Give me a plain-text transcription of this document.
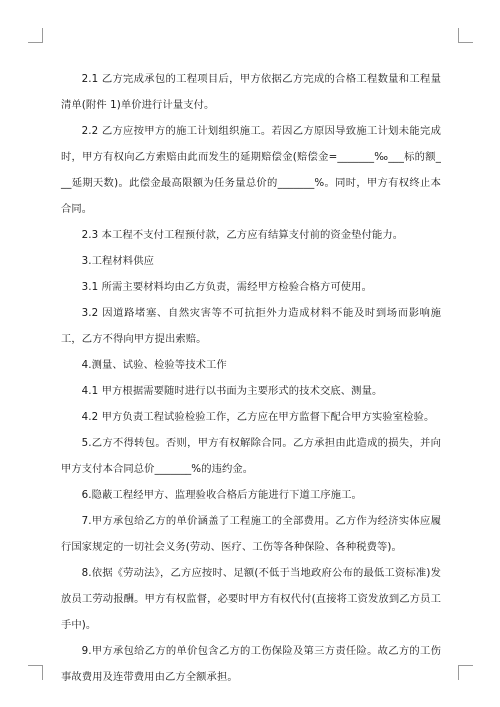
2.1 乙方完成承包的工程项目后，甲方依据乙方完成的合格工程数量和工程量清单(附件 1)单价进行计量支付。

2.2 乙方应按甲方的施工计划组织施工。若因乙方原因导致施工计划未能完成时，甲方有权向乙方索赔由此而发生的延期赔偿金(赔偿金=_______‰___标的额___延期天数)。此偿金最高限额为任务量总价的_______%。同时，甲方有权终止本合同。

2.3 本工程不支付工程预付款，乙方应有结算支付前的资金垫付能力。

3.工程材料供应

3.1 所需主要材料均由乙方负责，需经甲方检验合格方可使用。

3.2 因道路堵塞、自然灾害等不可抗拒外力造成材料不能及时到场而影响施工，乙方不得向甲方提出索赔。

4.测量、试验、检验等技术工作

4.1 甲方根据需要随时进行以书面为主要形式的技术交底、测量。

4.2 甲方负责工程试验检验工作，乙方应在甲方监督下配合甲方实验室检验。

5.乙方不得转包。否则，甲方有权解除合同。乙方承担由此造成的损失，并向甲方支付本合同总价_______%的违约金。

6.隐蔽工程经甲方、监理验收合格后方能进行下道工序施工。

7.甲方承包给乙方的单价涵盖了工程施工的全部费用。乙方作为经济实体应履行国家规定的一切社会义务(劳动、医疗、工伤等各种保险、各种税费等)。

8.依据《劳动法》，乙方应按时、足额(不低于当地政府公布的最低工资标准)发放员工劳动报酬。甲方有权监督，必要时甲方有权代付(直接将工资发放到乙方员工手中)。

9.甲方承包给乙方的单价包含乙方的工伤保险及第三方责任险。故乙方的工伤事故费用及连带费用由乙方全额承担。
